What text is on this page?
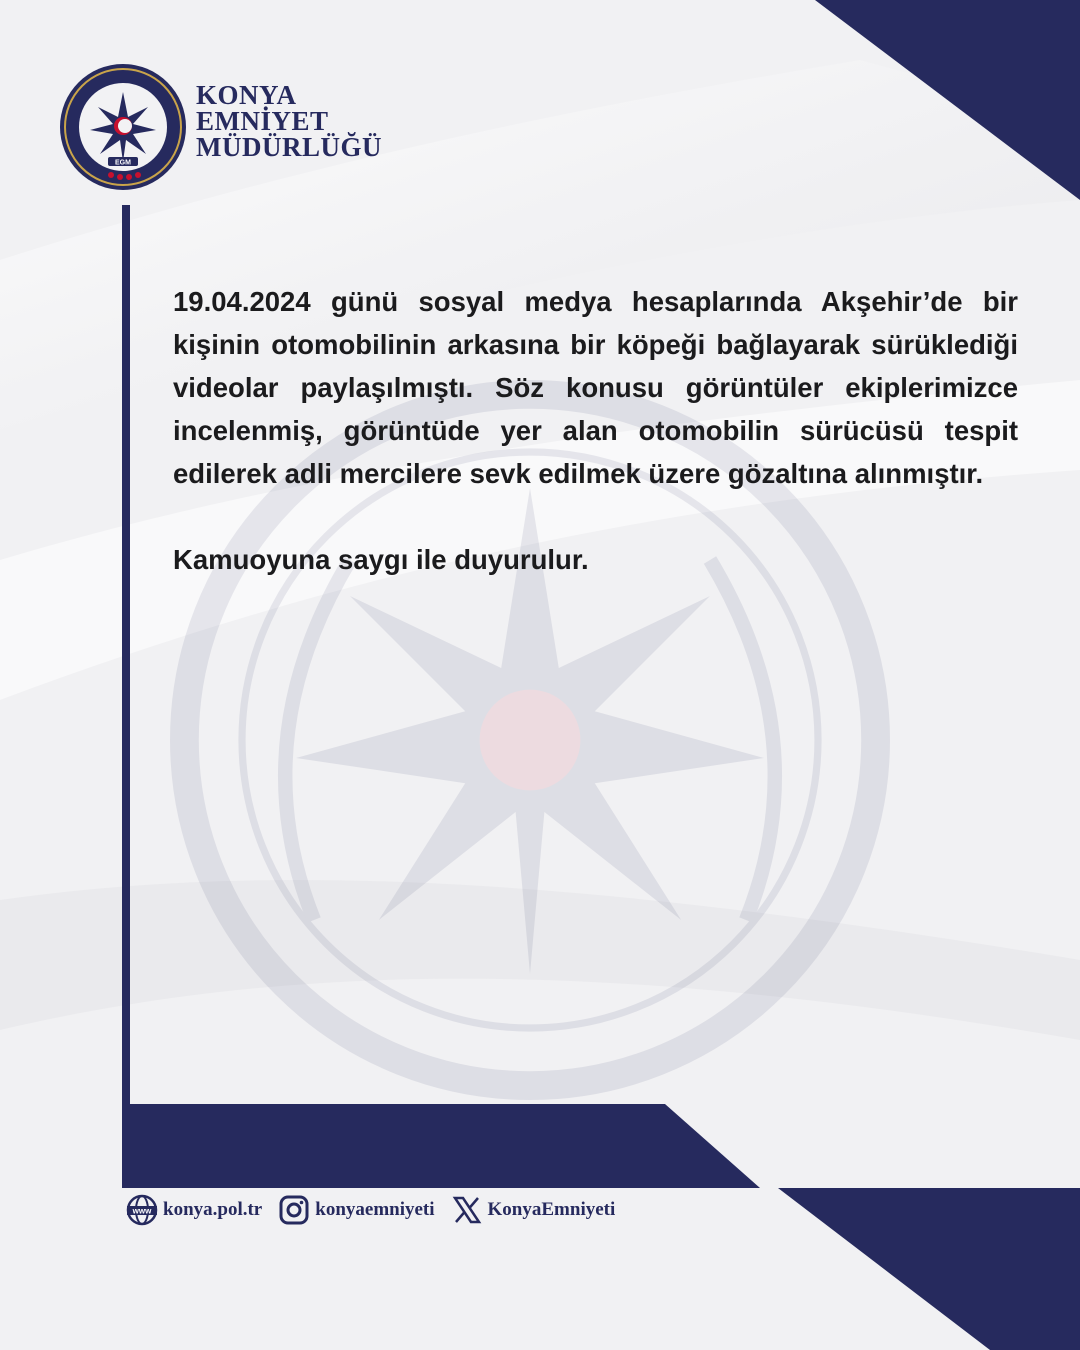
EGM
KONYA
EMNİYET
MÜDÜRLÜĞÜ

19.04.2024 günü sosyal medya hesaplarında Akşehir’de bir kişinin otomobilinin arkasına bir köpeği bağlayarak sürüklediği videolar paylaşılmıştı. Söz konusu görüntüler ekiplerimizce incelenmiş, görüntüde yer alan otomobilin sürücüsü tespit edilerek adli mercilere sevk edilmek üzere gözaltına alınmıştır.

Kamuoyuna saygı ile duyurulur.

www konya.pol.tr	konyaemniyeti	KonyaEmniyeti
